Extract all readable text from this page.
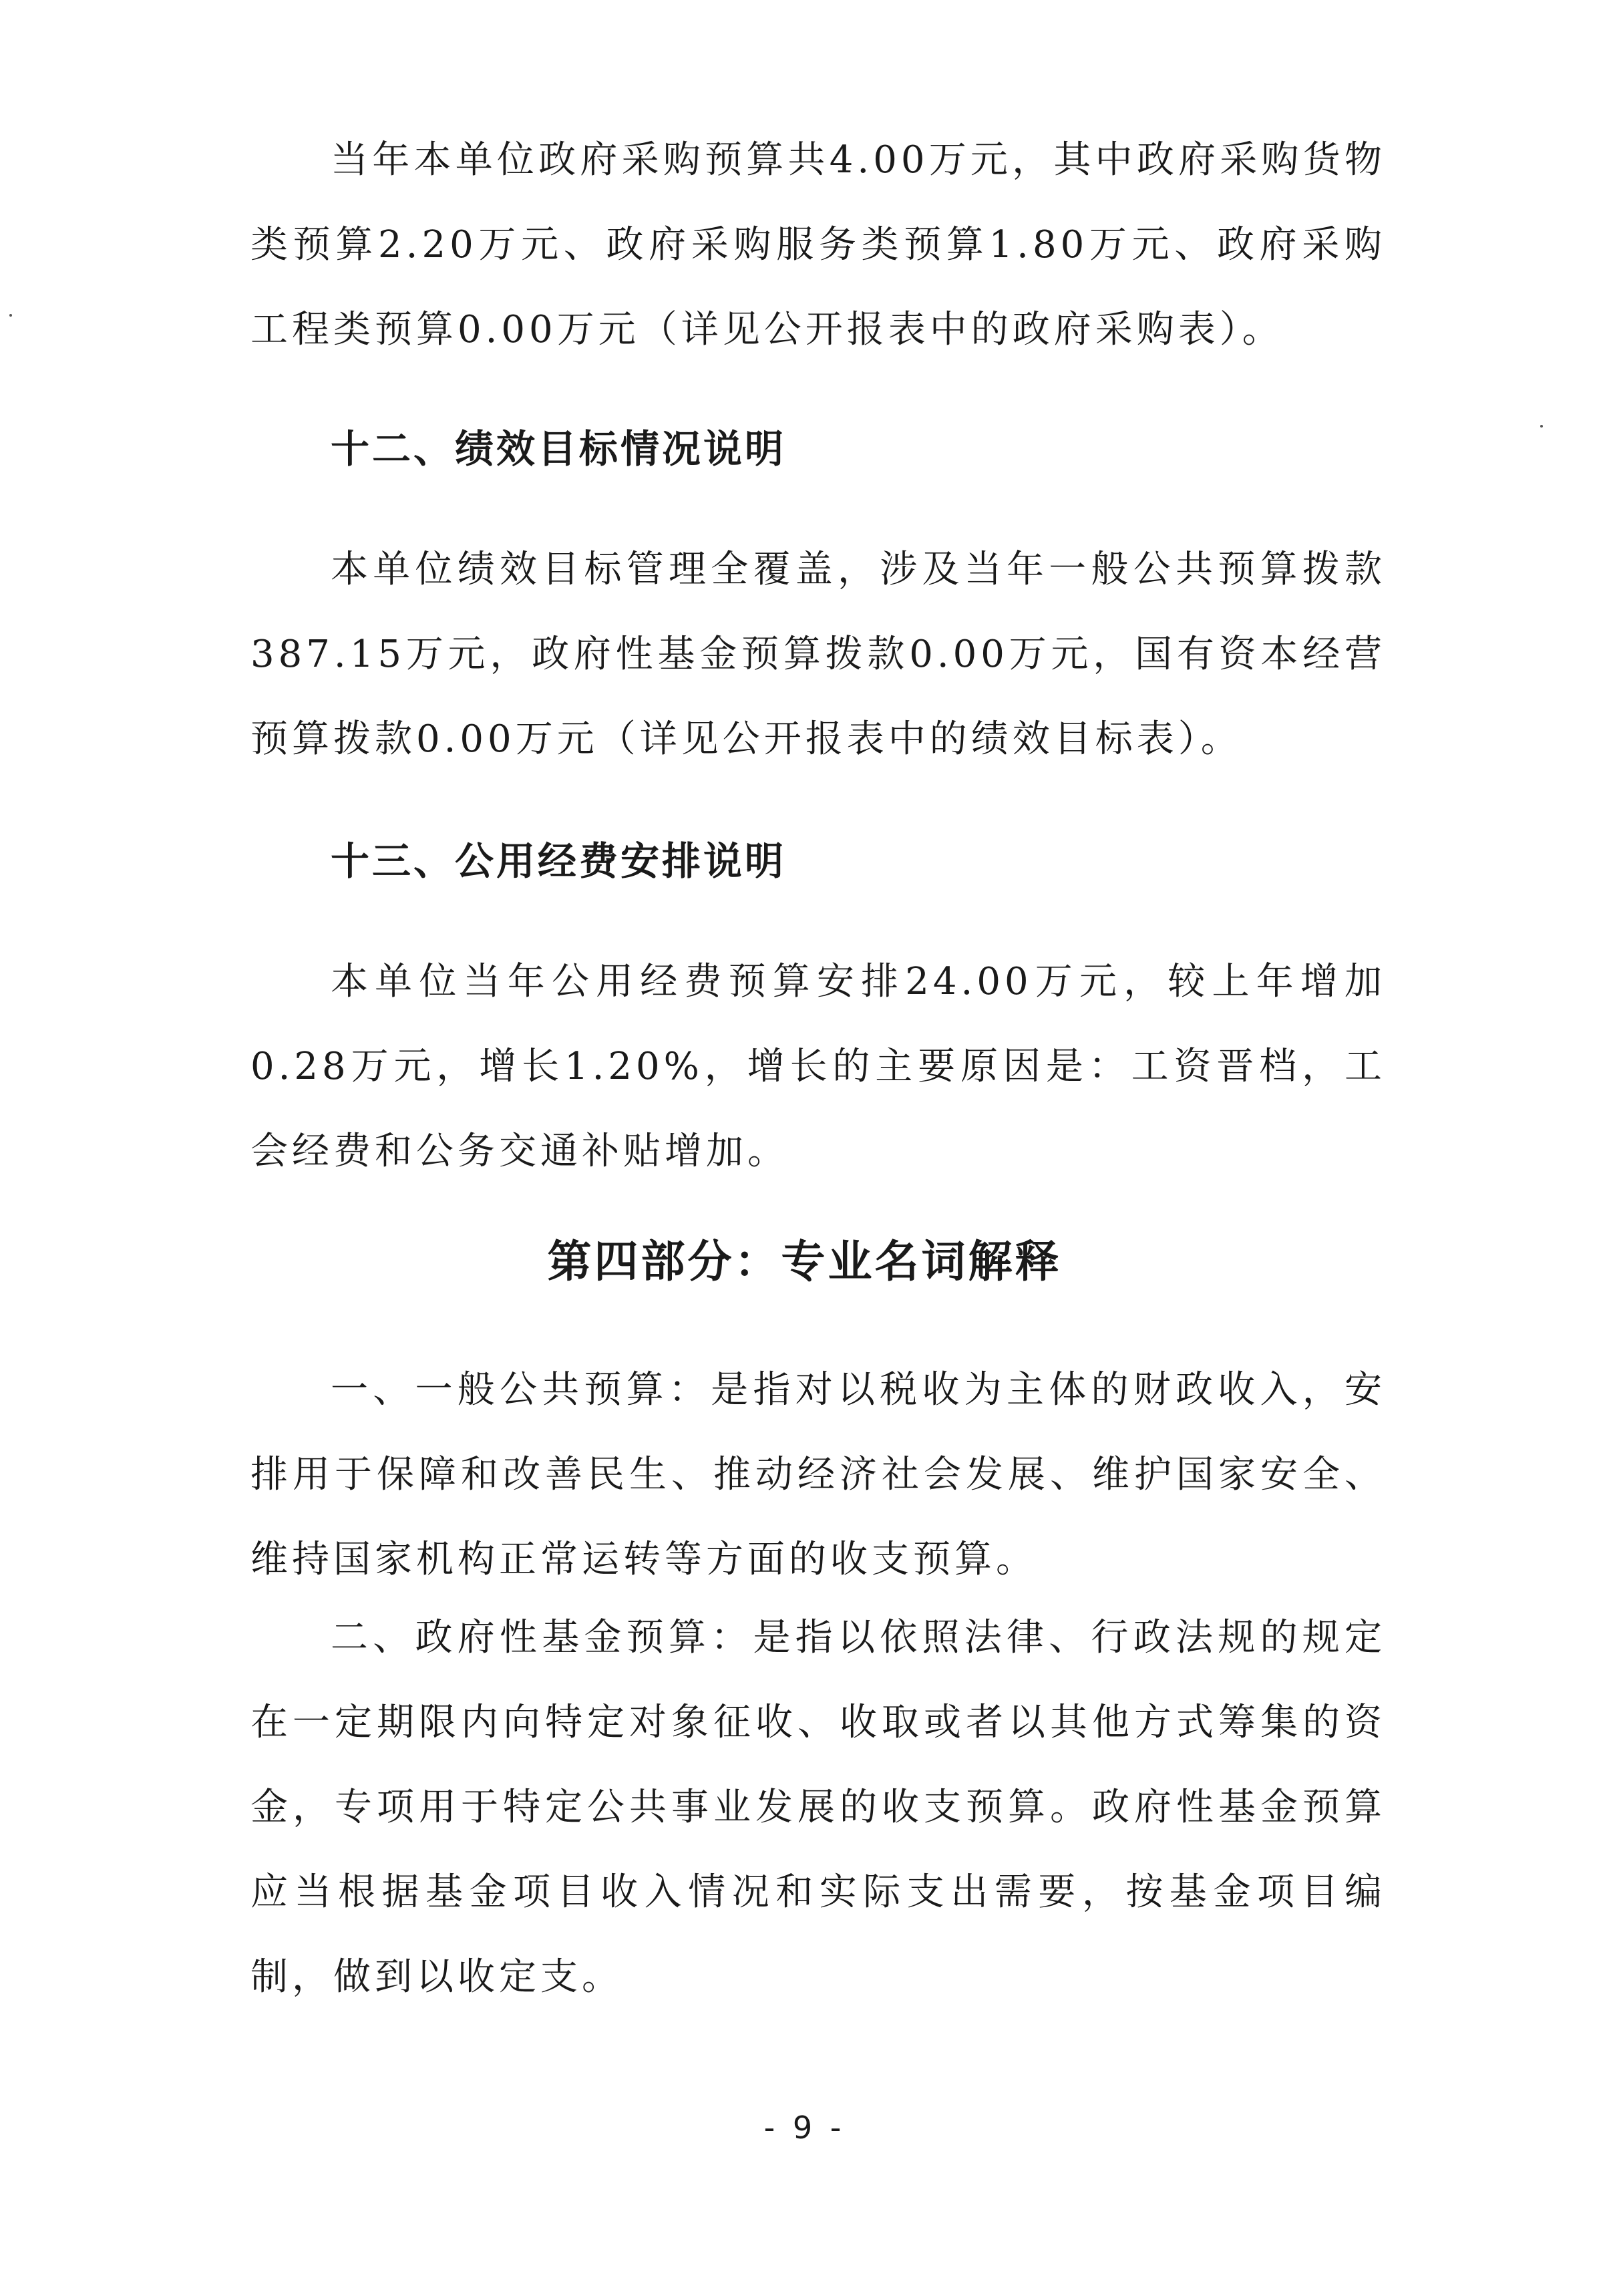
当年本单位政府采购预算共4.00万元，其中政府采购货物类预算2.20万元、政府采购服务类预算1.80万元、政府采购工程类预算0.00万元（详见公开报表中的政府采购表）。

十二、绩效目标情况说明

本单位绩效目标管理全覆盖，涉及当年一般公共预算拨款387.15万元，政府性基金预算拨款0.00万元，国有资本经营预算拨款0.00万元（详见公开报表中的绩效目标表）。

十三、公用经费安排说明

本单位当年公用经费预算安排24.00万元，较上年增加0.28万元，增长1.20%，增长的主要原因是：工资晋档，工会经费和公务交通补贴增加。

第四部分：专业名词解释

一、一般公共预算：是指对以税收为主体的财政收入，安排用于保障和改善民生、推动经济社会发展、维护国家安全、维持国家机构正常运转等方面的收支预算。

二、政府性基金预算：是指以依照法律、行政法规的规定在一定期限内向特定对象征收、收取或者以其他方式筹集的资金，专项用于特定公共事业发展的收支预算。政府性基金预算应当根据基金项目收入情况和实际支出需要，按基金项目编制，做到以收定支。

- 9 -
